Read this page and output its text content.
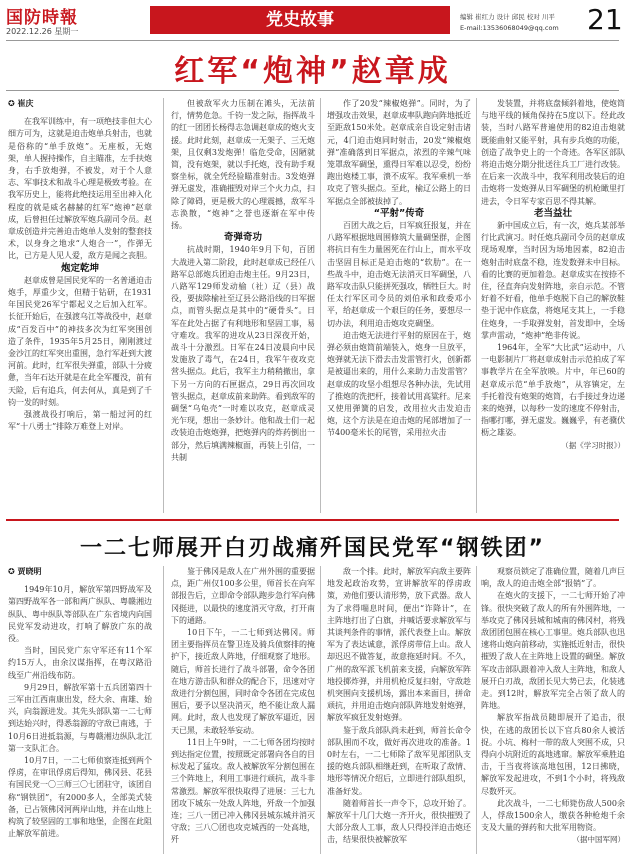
国防時報
2022.12.26 星期一
党史故事	编辑 崔红力 设计 邱民 校对 川平
E-mail:13536068049@qq.com 21
红军“炮神”赵章成
✪ 崔庆

在我军训练中，有一项绝技非但大心细方可为，这就是迫击炮单兵射击，也就是俗称的“单手放炮”。无座板，无炮架，单人握持操作，自主瞄准，左手扶炮身，右手放炮弹，不被发，对于个人意志、军事技术和战斗心理是极致考验。在我军历史上，能将此绝技运用至出神入化程度的就是威名赫赫的红军“炮神”赵章成，后曾担任过解放军炮兵副司令员。赵章成创造并完善迫击炮单人发射的整套技术，以身身之地求“人炮合一”，作弹无比，已方是人见人爱，敌方是闻之丧胆。

炮定乾坤

赵章成曾是国民党军的一名普通迫击炮手，厚重少文，但精于钻研，在1931年国民党26军宁都起义之后加入红军。长征开始后，在强渡乌江等战役中，赵章成“百发百中”的神技多次为红军突围创造了条件，1935年5月25日，刚刚渡过金沙江的红军突出重围，急行军赶到大渡河前。此时，红军很失弹重，部队十分疲惫，当年石达开就是在此全军覆没，前有天险，后有追兵，何去何从，真是到了千钧一发的时刻。

强渡战役打响后，第一船过河的红军“十八勇士”排除万难登上对岸。

但被敌军火力压制在滩头，无法前行，情势危急。千钧一发之际，指挥战斗的红一团团长杨得志急调赵章成的炮火支援。此时此刻，赵章成一无架子、三无炮架，且仅剩3发炮弹！临危受命，因陋就简，没有炮架，就以手托炮，没有助手观察坐标，就全凭经验瞄准射击。3发炮弹弹无虚发，准确摧毁对岸三个火力点，扫除了障碍，更是极大的心理震撼，敌军斗志涣散，“炮神”之誉也逐渐在军中传扬。

奇弹奇功

抗战时期，1940年9月下旬，百团大战进入第二阶段，此时赵章成已经任八路军总部炮兵团迫击炮主任。9月23日，八路军129师发动榆（社）辽（县）战役，要拔除榆社至辽县公路沿线的日军据点，而管头据点是其中的“硬骨头”。日军在此处占据了有利地形和坚固工事，易守难攻。我军的进攻从23日深夜开始，战斗十分激烈。日军在24日凌晨向中民发施放了毒气，在24日，我军午夜攻克营头据点。此后，我军主力稍稍撤出，拿下另一方向的石匣据点，29日再次回攻管头据点，赵章成前来助阵。看到敌军的碉堡“乌龟壳”一时难以攻克，赵章成灵光乍现，想出一条妙计。他和战士们一起改装迫击炮炮弹，把炮弹内的炸药倒出一部分，然后填满辣椒面，再装上引信，一共制

作了20发“辣椒炮弹”。同时，为了增强攻击效果，赵章成率队跑向阵地抵近至距敌150米处。赵章成亲自设定射击诸元，4门迫击炮同时射击，20发“辣椒炮弹”准确落到日军据点，浓烈的辛辣气味笼罩敌军碉堡，熏得日军难以忍受，纷纷跑出炮楼工事，溃不成军。我军乘机一举攻克了管头据点。至此，榆辽公路上的日军据点全部被拔掉了。

“平射”传奇

百团大战之后，日军疯狂报复，并在八路军根据地周围修筑大量碉堡群，企图将抗日有生力量困死在行山上，而水平攻击坚固目标正是迫击炮的“软肋”。在一些战斗中，迫击炮无法消灭日军碉堡，八路军攻击队只能拼死强攻，牺牲巨大。时任太行军区司令员的刘伯承和政委邓小平，给赵章成一个艰巨的任务，要想尽一切办法，利用迫击炮攻克碉堡。

迫击炮无法进行平射的原因在于，炮弹必须由炮筒前端装入，炮身一旦放平，炮弹就无法下滑去击发雷管打火，创新都是被逼出来的，用什么来助力击发雷管？赵章成的攻坚小组想尽各种办法，先试用了推炮的洗把杆，接着试用高粱秆。尼来又使用弹簧的启发，改用拉火击发迫击炮，这个方法是在迫击炮的尾部增加了一节400毫米长的尾管，采用拉火击

发装置，并将底盘倾斜着地，使炮筒与地平线的倾角保持在5度以下。经此改装，当时八路军普遍使用的82迫击炮就既能曲射又能平射，具有步兵炮的功能，创造了战争史上的一个奇迹。各军区部队将迫击炮分期分批送往兵工厂进行改装。在后来一次战斗中，我军利用改装后的迫击炮将一发炮弹从日军碉堡的机枪瞰里打进去，令日军专家百思不得其解。

老当益壮

新中国成立后，有一次，炮兵某部举行比武演习。时任炮兵副司令员的赵章成现场观摩，当时因为场地因素，82迫击炮射击时底盘不稳，连发数弹未中目标。看的比赛的更加着急。赵章成实在按捺不住，径直奔向发射阵地，亲自示范。不管好着不好看，他单手炮脱下自己的解放鞋垫于泥中作底盘，将炮尾支其上，一手稳住炮身，一手取弹发射，首发即中，全场掌声雷动，“炮神”绝非传说。

1964年，全军“大比武”运动中，八一电影制片厂将赵章成射击示范拍成了军事教学片在全军放映。片中，年已60的赵章成示范“单手放炮”，从容镇定，左手托着没有炮架的炮筒，右手接过身边递来的炮弹，以每秒一发的速度不停射击，指哪打哪，弹无虚发。巍巍乎，有老骥伏枥之雄姿。

（据《学习时报》）

一二七师展开白刃战痛歼国民党军“钢铁团”
✪ 贾晓明

1949年10月，解放军第四野战军及第四野战军各一部和两广纵队、粤赣湘边纵队、粤中纵队等部队在广东省境内向国民党军发动进攻，打响了解放广东的战役。

当时，国民党广东守军还有11个军约15万人，由余汉谋指挥，在粤汉路沿线至广州沿线布防。

9月29日，解放军第十五兵团第四十三军由江西南康出发，经大余、南雄、始兴，向翁源进发。其先头部队第一二七师到达始兴时，得悉翁源的守敌已南逃，于10月6日进抵翁源，与粤赣湘边纵队北江第一支队汇合。

10月7日，一二七师侦察连抵到两个俘虏，在审讯俘虏后得知，佛冈县、花县有国民党一〇三师三〇七团驻守，该团自称“钢铁团”，有2000多人，全部美式装备，已占领佛冈河两岸山地，并在山地上构筑了较坚固的工事和地堡，企图在此阻止解放军前进。

鉴于佛冈是敌人在广州外围的重要据点，距广州仅100多公里，师首长在向军部报告后，立即命令部队跑步急行军向佛冈挺进，以最快的速度消灭守敌，打开南下的通路。

10日下午，一二七师到达佛冈。师团主要指挥员在警卫连及骑兵侦察排的掩护下，接近敌人阵地，仔细观察了地形。随后，师首长进行了战斗部署，命令各团在地方游击队和群众的配合下，迅速对守敌进行分割包围，同时命令各团在完成包围后，要予以坚决消灭，绝不能让敌人漏网。此时，敌人也发现了解放军逼近，因天已黑，未敢轻举妄动。

11日上午9时，一二七师各团均按时到达指定位置，按照既定部署向各自的目标发起了猛攻。敌人被解放军分割包围在三个阵地上，利用工事进行顽抗，战斗非常激烈。解放军很快取得了进展：三七九团攻下城东一处敌人阵地，歼敌一个加强连；三八一团已冲入佛冈县城东城并消灭守敌；三八〇团也攻克城西的一处高地，歼

敌一个排。此时，解放军向敌主要阵地发起政治攻势，宣讲解放军的俘虏政策，劝他们要认清形势，放下武器。敌人为了求得喘息时间，便出“诈降计”，在主阵地打出了白旗，并喊话要求解放军与其谈判条件的事情，派代表登上山。解放军为了表达诚意，派俘虏带信上山。敌人却迟迟不做答复，故意拖延时间。不久，广州的敌军派飞机前来支援，向解放军阵地投掷炸弹，并用机枪反复扫射，守敌趁机突围向支援机场，露出本来面目，拼命顽抗，并用迫击炮向部队阵地发射炮弹，解放军疯狂发射炮弹。

鉴于敌兵部队尚未赶到，师首长命令部队围而不攻，做好再次进攻的准备。10时左右，一二七师除了敌军见部团队支援的炮兵部队相继赶到，在听取了敌情、地形等情况介绍后，立即进行部队组织，准备好发。

随着师首长一声令下，总攻开始了。解放军十几门大炮一齐开火，很快摧毁了大部分敌人工事，敌人只得投洋迫击炮还击，结果很快被解放军

观察员锁定了准确位置，随着几声巨响，敌人的迫击炮全部“报销”了。

在炮火的支援下，一二七师开始了冲锋。很快突破了敌人的所有外围阵地，一举攻克了佛冈县城和城南的佛冈村，将残敌团团包围在核心工事里。炮兵部队也迅速将山炮向前移动，实施抵近射击，很快摧毁了敌人在主阵地上设置的碉堡。解放军攻击部队跟着冲入敌人主阵地，和敌人展开白刃战，敌团长见大势已去，化装逃走。到12时，解放军完全占领了敌人的阵地。

解放军指战员随即展开了追击，很快，在逃的敌团长以下官兵80余人被活捉。小坑、梅村一带的敌人突围不成，只得向小坑附近的高地逃窜。解放军乘胜追击，于当夜将该高地包围，12日拂晓，解放军发起进攻，不到1个小时，将残敌尽数歼灭。

此次战斗，一二七师毙伤敌人500余人，俘敌1500余人，缴获各种枪炮千余支及大量的弹药和大批军用物资。

（据中国军网）
